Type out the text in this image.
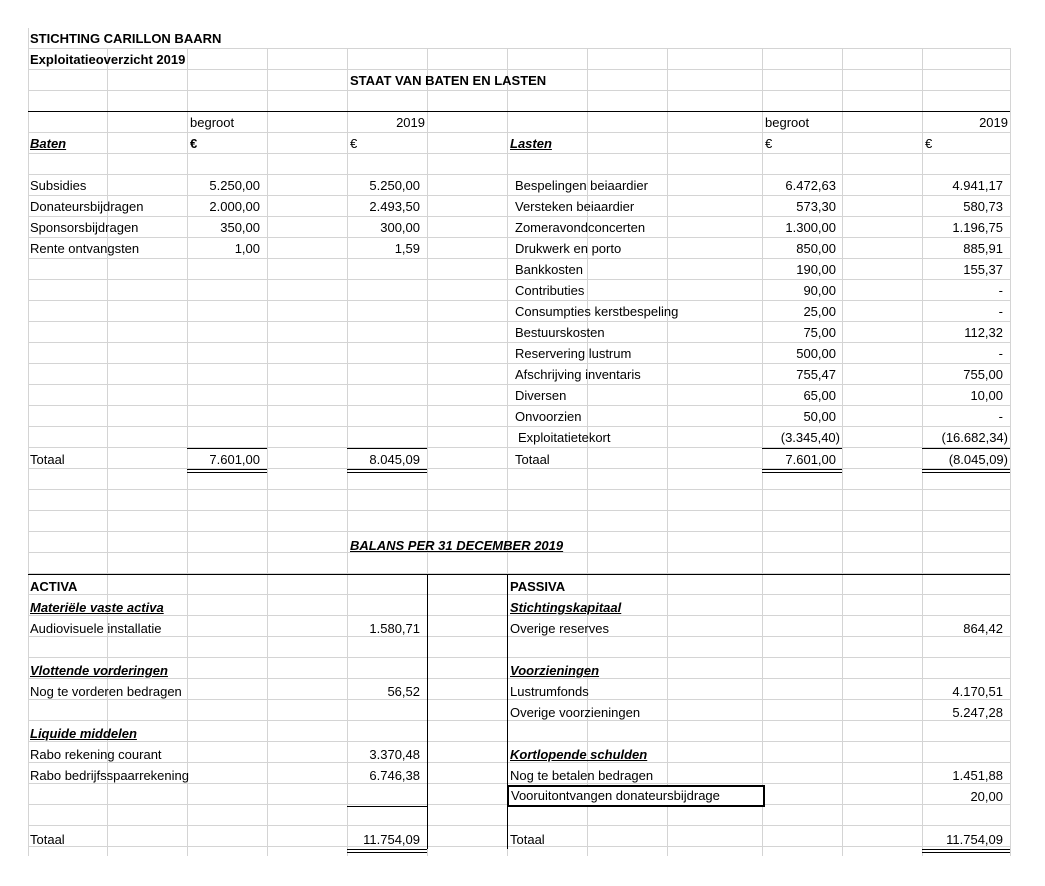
STICHTING CARILLON BAARN
Exploitatieoverzicht 2019
STAAT VAN BATEN EN LASTEN
begroot	2019	begroot	2019
Baten	€	€	Lasten	€	€
Subsidies	5.250,00	5.250,00
Donateursbijdragen	2.000,00	2.493,50
Sponsorsbijdragen	350,00	300,00
Rente ontvangsten	1,00	1,59
Bespelingen beiaardier	6.472,63	4.941,17
Versteken beiaardier	573,30	580,73
Zomeravondconcerten	1.300,00	1.196,75
Drukwerk en porto	850,00	885,91
Bankkosten	190,00	155,37
Contributies	90,00	-
Consumpties kerstbespeling	25,00	-
Bestuurskosten	75,00	112,32
Reservering lustrum	500,00	-
Afschrijving inventaris	755,47	755,00
Diversen	65,00	10,00
Onvoorzien	50,00	-
Exploitatietekort	(3.345,40)	(16.682,34)
Totaal	7.601,00	8.045,09	Totaal	7.601,00	(8.045,09)
BALANS PER 31 DECEMBER 2019
ACTIVA
Materiële vaste activa
Audiovisuele installatie	1.580,71
Vlottende vorderingen
Nog te vorderen bedragen	56,52
Liquide middelen
Rabo rekening courant	3.370,48
Rabo bedrijfsspaarrekening	6.746,38
PASSIVA
Stichtingskapitaal
Overige reserves	864,42
Voorzieningen
Lustrumfonds	4.170,51
Overige voorzieningen	5.247,28
Kortlopende schulden
Nog te betalen bedragen	1.451,88
Vooruitontvangen donateursbijdrage	20,00
Totaal	11.754,09	Totaal	11.754,09
